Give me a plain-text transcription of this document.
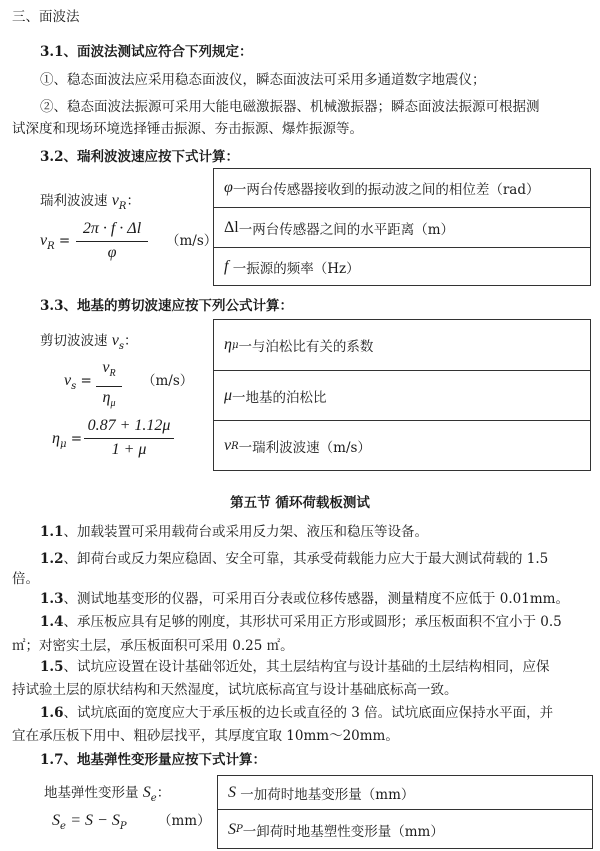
三、面波法
3.1、面波法测试应符合下列规定：
①、稳态面波法应采用稳态面波仪，瞬态面波法可采用多通道数字地震仪；
②、稳态面波法振源可采用大能电磁激振器、机械激振器；瞬态面波法振源可根据测
试深度和现场环境选择锤击振源、夯击振源、爆炸振源等。
3.2、瑞利波波速应按下式计算：
瑞利波波速 $v_R$：
$v_R = \frac{2\pi \cdot f \cdot \Delta l}{\varphi} (m/s)$
φ 一两台传感器接收到的振动波之间的相位差（rad）
Δl 一两台传感器之间的水平距离（m）
f
一振源的频率（Hz）
3.3、地基的剪切波速应按下列公式计算：
剪切波波速 $v_s$：
$v_s = \frac{v_R}{\eta_\mu} (m/s)$
$\eta_\mu = \frac{0.87 + 1.12\mu}{1 + \mu}$
η μ 一与泊松比有关的系数
μ 一地基的泊松比
v R 一瑞利波波速（m/s）
第五节 循环荷载板测试
1.1、加载装置可采用载荷台或采用反力架、液压和稳压等设备。
1.2、卸荷台或反力架应稳固、安全可靠，其承受荷载能力应大于最大测试荷载的 1.5
倍。
1.3、测试地基变形的仪器，可采用百分表或位移传感器，测量精度不应低于 0.01mm。
1.4、承压板应具有足够的刚度，其形状可采用正方形或圆形；承压板面积不宜小于 0.5
㎡；对密实土层，承压板面积可采用 0.25 ㎡。
1.5、试坑应设置在设计基础邻近处，其土层结构宜与设计基础的土层结构相同，应保
持试验土层的原状结构和天然湿度，试坑底标高宜与设计基础底标高一致。
1.6、试坑底面的宽度应大于承压板的边长或直径的 3 倍。试坑底面应保持水平面，并
宜在承压板下用中、粗砂层找平，其厚度宜取 10mm～20mm。
1.7、地基弹性变形量应按下式计算：
地基弹性变形量 $S_e$：
$S_e = S - S_P$ （mm）
S
一加荷时地基变形量（mm）
S P 一卸荷时地基塑性变形量（mm）
